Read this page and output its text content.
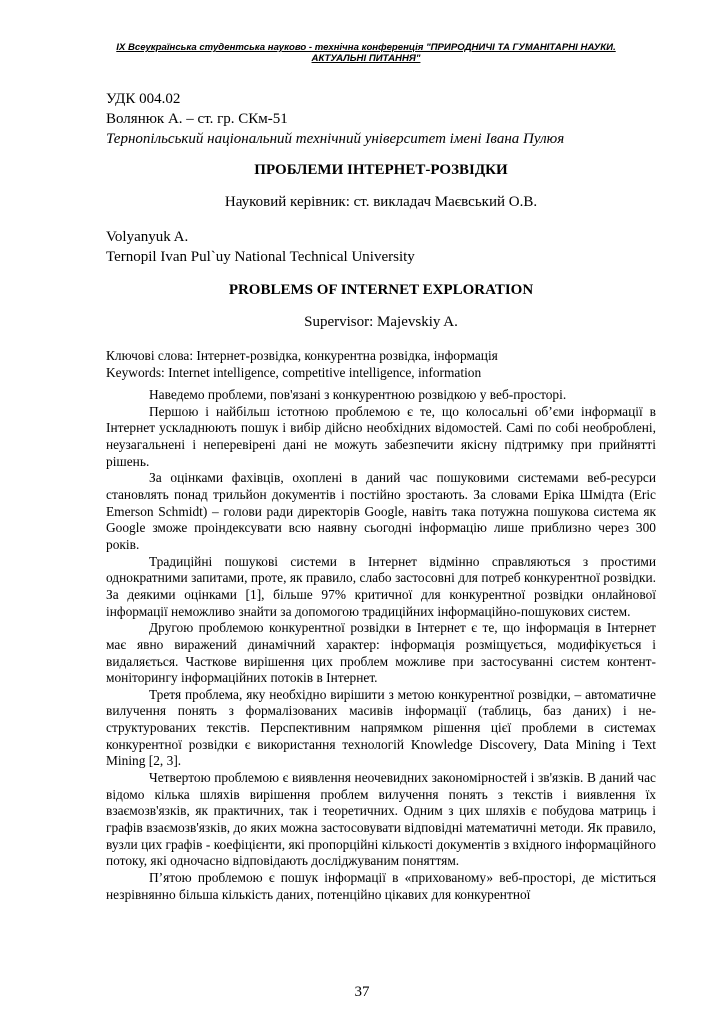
IX Всеукраїнська студентська науково - технічна конференція "ПРИРОДНИЧІ ТА ГУМАНІТАРНІ НАУКИ. АКТУАЛЬНІ ПИТАННЯ"
УДК 004.02
Волянюк А. – ст. гр. СКм-51
Тернопільський національний технічний університет імені Івана Пулюя
ПРОБЛЕМИ ІНТЕРНЕТ-РОЗВІДКИ
Науковий керівник: ст. викладач Маєвський О.В.
Volyanyuk A.
Ternopil Ivan Pul`uy National Technical University
PROBLEMS OF INTERNET EXPLORATION
Supervisor: Majevskiy A.
Ключові слова: Інтернет-розвідка, конкурентна розвідка, інформація
Keywords: Internet intelligence, competitive intelligence, information

Наведемо проблеми, пов'язані з конкурентною розвідкою у веб-просторі.

Першою і найбільш істотною проблемою є те, що колосальні об’єми інформації в Інтернет ускладнюють пошук і вибір дійсно необхідних відомостей. Самі по собі необроблені, неузагальнені і неперевірені дані не можуть забезпечити якісну підтримку при прийнятті рішень.

За оцінками фахівців, охоплені в даний час пошуковими системами веб-ресурси становлять понад трильйон документів і постійно зростають. За словами Еріка Шмідта (Eric Emerson Schmidt) – голови ради директорів Google, навіть така потужна пошукова система як Google зможе проіндексувати всю наявну сьогодні інформацію лише приблизно через 300 років.

Традиційні пошукові системи в Інтернет відмінно справляються з простими однократними запитами, проте, як правило, слабо застосовні для потреб конкурентної розвідки. За деякими оцінками [1], більше 97% критичної для конкурентної розвідки онлайнової інформації неможливо знайти за допомогою традиційних інформаційно-пошукових систем.

Другою проблемою конкурентної розвідки в Інтернет є те, що інформація в Інтернет має явно виражений динамічний характер: інформація розміщується, модифікується і видаляється. Часткове вирішення цих проблем можливе при застосуванні систем контент-моніторингу інформаційних потоків в Інтернет.

Третя проблема, яку необхідно вирішити з метою конкурентної розвідки, – автоматичне вилучення понять з формалізованих масивів інформації (таблиць, баз даних) і не-структурованих текстів. Перспективним напрямком рішення цієї проблеми в системах конкурентної розвідки є використання технологій Knowledge Discovery, Data Mining і Text Mining [2, 3].

Четвертою проблемою є виявлення неочевидних закономірностей і зв'язків. В даний час відомо кілька шляхів вирішення проблем вилучення понять з текстів і виявлення їх взаємозв'язків, як практичних, так і теоретичних. Одним з цих шляхів є побудова матриць і графів взаємозв'язків, до яких можна застосовувати відповідні математичні методи. Як правило, вузли цих графів - коефіцієнти, які пропорційні кількості документів з вхідного інформаційного потоку, які одночасно відповідають досліджуваним поняттям.

П’ятою проблемою є пошук інформації в «прихованому» веб-просторі, де міститься незрівнянно більша кількість даних, потенційно цікавих для конкурентної

37
